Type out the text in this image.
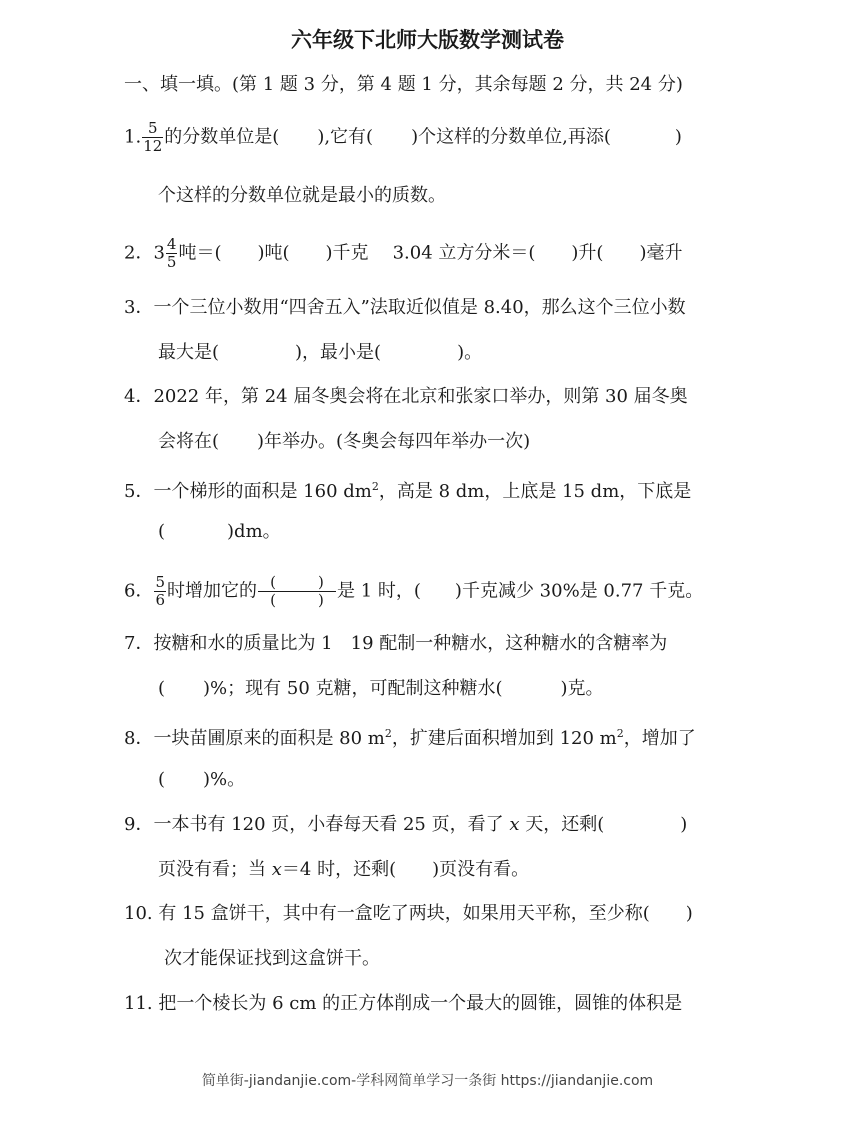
六年级下北师大版数学测试卷
一、填一填。(第 1 题 3 分，第 4 题 1 分，其余每题 2 分，共 24 分)
1. $\frac{5}{12}$ 的分数单位是( ),它有( )个这样的分数单位,再添(	)
个这样的分数单位就是最小的质数。
2．$3 \frac{4}{5}$ 吨＝( )吨( )千克 3.04 立方分米＝( )升( )毫升
3．一个三位小数用“四舍五入”法取近似值是 8.40，那么这个三位小数
最大是(	)，最小是(	)。
4．2022 年，第 24 届冬奥会将在北京和张家口举办，则第 30 届冬奥
会将在( )年举办。(冬奥会每四年举办一次)
5．一个梯形的面积是 160 $dm^2$，高是 8 dm，上底是 15 dm，下底是
(	)dm。
6． $\frac{5}{6}$ 时增加它的 (	)
(	) 是 1 时，( )千克减少 30%是 0.77 千克。
7．按糖和水的质量比为 1　19 配制一种糖水，这种糖水的含糖率为
( )%；现有 50 克糖，可配制这种糖水(	)克。
8．一块苗圃原来的面积是 80 $m^2$，扩建后面积增加到 120 $m^2$，增加了
( )%。
9．一本书有 120 页，小春每天看 25 页，看了 x 天，还剩(	)
页没有看；当 x＝4 时，还剩( )页没有看。
10. 有 15 盒饼干，其中有一盒吃了两块，如果用天平称，至少称( )
次才能保证找到这盒饼干。
11. 把一个棱长为 6 cm 的正方体削成一个最大的圆锥，圆锥的体积是
简单街-jiandanjie.com-学科网简单学习一条街 https://jiandanjie.com
